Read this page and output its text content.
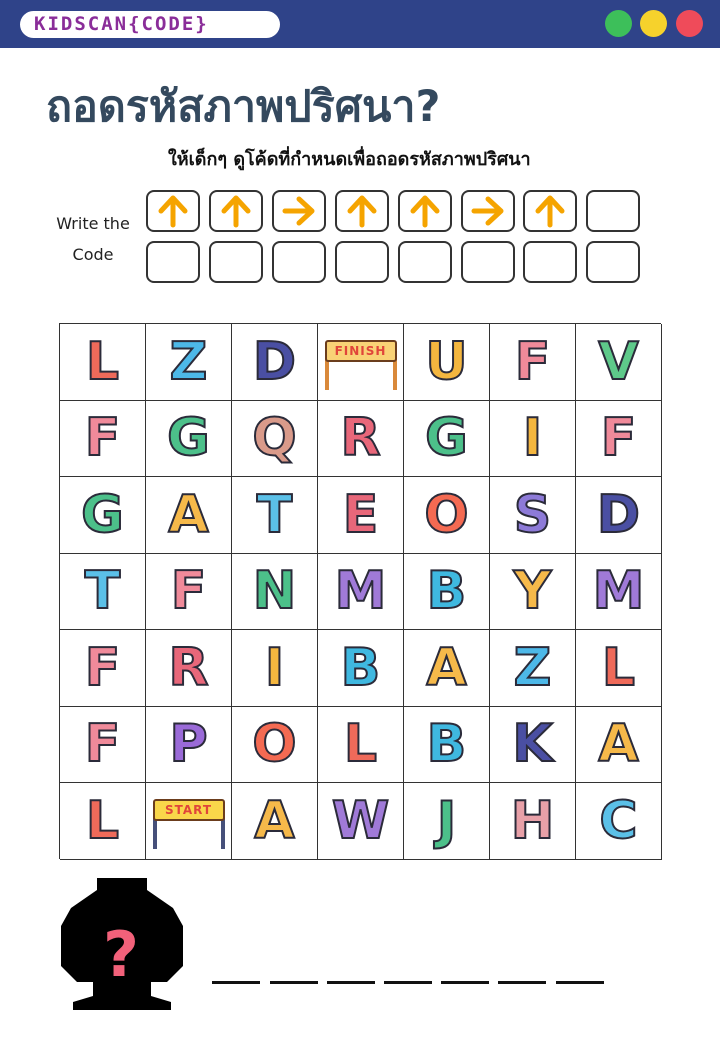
KIDSCAN{CODE}
ถอดรหัสภาพปริศนา?
ให้เด็กๆ ดูโค้ดที่กำหนดเพื่อถอดรหัสภาพปริศนา
Write the
Code
L Z D	FINISH U F V
F G Q R G I F
G A T E O S D
T F N M B Y M
F R I B A Z L
F P O L B K A
L	START A W J H C
?
